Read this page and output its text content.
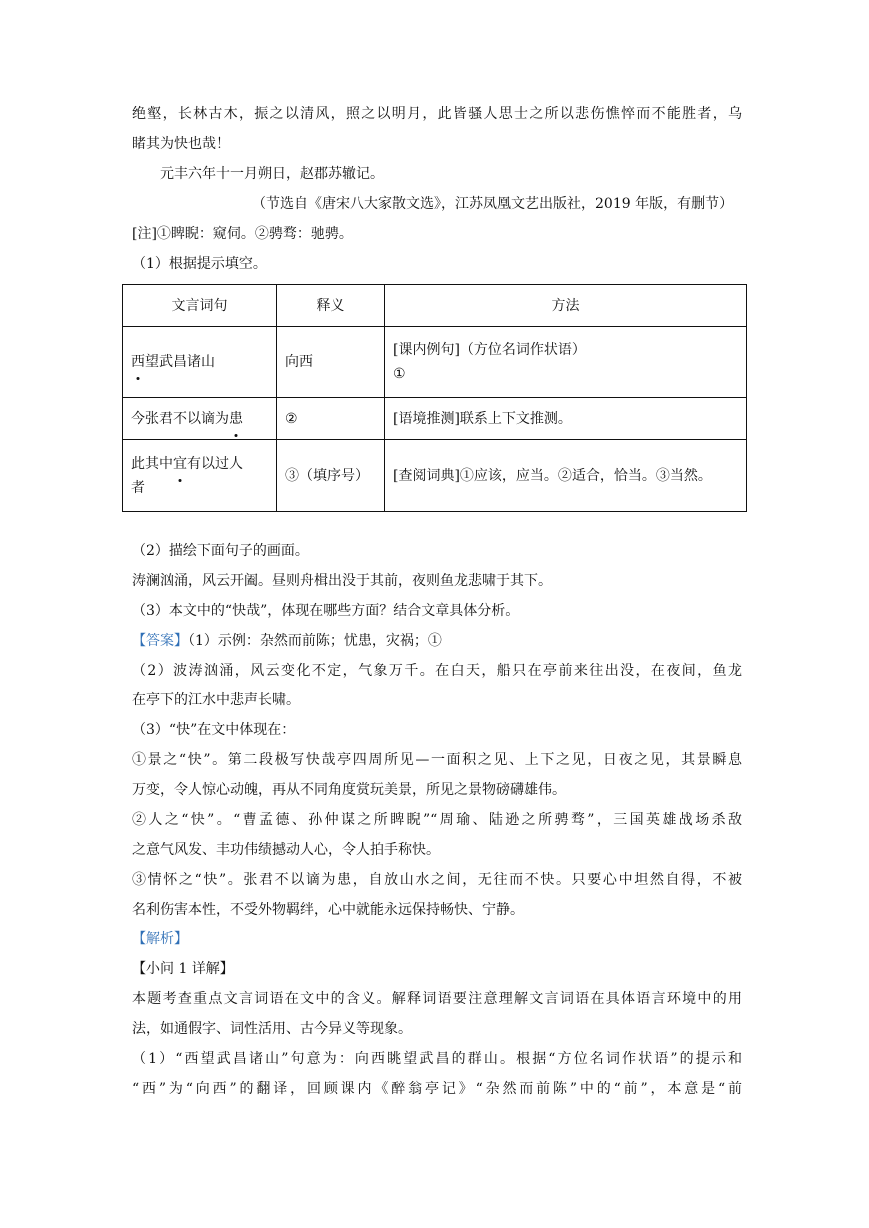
绝壑，长林古木，振之以清风，照之以明月，此皆骚人思士之所以悲伤憔悴而不能胜者，乌
睹其为快也哉！
元丰六年十一月朔日，赵郡苏辙记。
（节选自《唐宋八大家散文选》，江苏凤凰文艺出版社，2019 年版，有删节）
[注]①睥睨：窥伺。②骋骛：驰骋。
（1）根据提示填空。
文言词句	释义	方法
西望武昌诸山	向西	[课内例句]（方位名词作状语）
①

今张君不以谪为患	②	[语境推测]联系上下文推测。

此其中宜有以过人
者	③（填序号）	[查阅词典]①应该，应当。②适合，恰当。③当然。
（2）描绘下面句子的画面。
涛澜汹涌，风云开阖。昼则舟楫出没于其前，夜则鱼龙悲啸于其下。
（3）本文中的“快哉”，体现在哪些方面？结合文章具体分析。
【答案】（1）示例：杂然而前陈；忧患，灾祸；①
（2）波涛汹涌，风云变化不定，气象万千。在白天，船只在亭前来往出没，在夜间，鱼龙
在亭下的江水中悲声长啸。
（3）“快”在文中体现在：
①景之“快”。第二段极写快哉亭四周所见—一面积之见、上下之见，日夜之见，其景瞬息
万变，令人惊心动魄，再从不同角度赏玩美景，所见之景物磅礴雄伟。
②人之“快”。“曹孟德、孙仲谋之所睥睨”“周瑜、陆逊之所骋骛”，三国英雄战场杀敌
之意气风发、丰功伟绩撼动人心，令人拍手称快。
③情怀之“快”。张君不以谪为患，自放山水之间，无往而不快。只要心中坦然自得，不被
名利伤害本性，不受外物羁绊，心中就能永远保持畅快、宁静。
【解析】
【小问 1 详解】
本题考查重点文言词语在文中的含义。解释词语要注意理解文言词语在具体语言环境中的用
法，如通假字、词性活用、古今异义等现象。
（1）“西望武昌诸山”句意为：向西眺望武昌的群山。根据“方位名词作状语”的提示和
“西”为“向西”的翻译，回顾课内《醉翁亭记》“杂然而前陈”中的“前”，本意是“前
